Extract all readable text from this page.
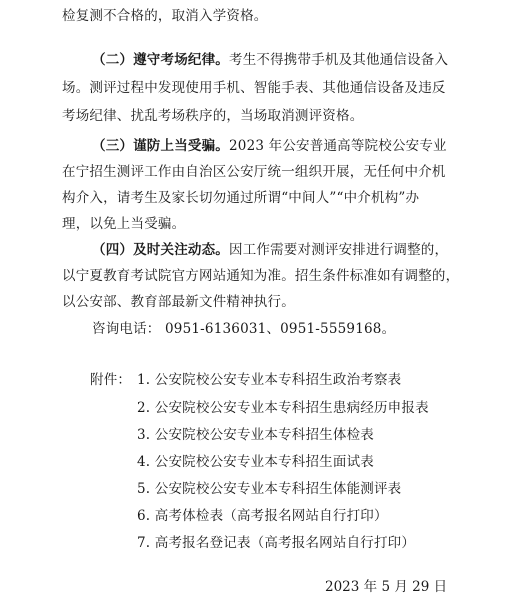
检复测不合格的，取消入学资格。
（二）遵守考场纪律。考生不得携带手机及其他通信设备入
场。测评过程中发现使用手机、智能手表、其他通信设备及违反
考场纪律、扰乱考场秩序的，当场取消测评资格。
（三）谨防上当受骗。2023 年公安普通高等院校公安专业
在宁招生测评工作由自治区公安厅统一组织开展，无任何中介机
构介入，请考生及家长切勿通过所谓“中间人”“中介机构”办
理，以免上当受骗。
（四）及时关注动态。因工作需要对测评安排进行调整的，
以宁夏教育考试院官方网站通知为准。招生条件标准如有调整的，
以公安部、教育部最新文件精神执行。
咨询电话： 0951-6136031、0951-5559168。
附件： 1. 公安院校公安专业本专科招生政治考察表
2. 公安院校公安专业本专科招生患病经历申报表
3. 公安院校公安专业本专科招生体检表
4. 公安院校公安专业本专科招生面试表
5. 公安院校公安专业本专科招生体能测评表
6. 高考体检表（高考报名网站自行打印）
7. 高考报名登记表（高考报名网站自行打印）
2023 年 5 月 29 日
